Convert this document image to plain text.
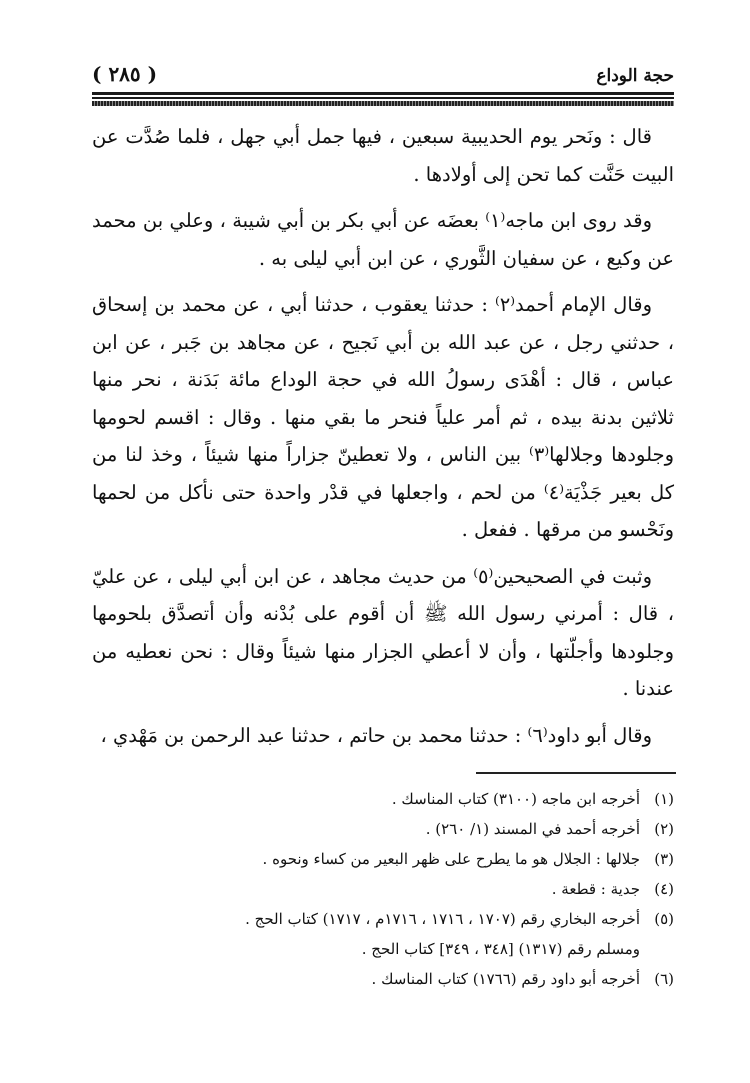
حجة الوداع
( ٢٨٥ )

قال : ونَحر يوم الحديبية سبعين ، فيها جمل أبي جهل ، فلما صُدَّت عن البيت حَنَّت كما تحن إلى أولادها .

وقد روى ابن ماجه⁽١⁾ بعضَه عن أبي بكر بن أبي شيبة ، وعلي بن محمد عن وكيع ، عن سفيان الثَّوري ، عن ابن أبي ليلى به .

وقال الإمام أحمد⁽٢⁾ : حدثنا يعقوب ، حدثنا أبي ، عن محمد بن إسحاق ، حدثني رجل ، عن عبد الله بن أبي نَجيح ، عن مجاهد بن جَبر ، عن ابن عباس ، قال : أهْدَى رسولُ الله في حجة الوداع مائة بَدَنة ، نحر منها ثلاثين بدنة بيده ، ثم أمر علياً فنحر ما بقي منها . وقال : اقسم لحومها وجلودها وجلالها⁽٣⁾ بين الناس ، ولا تعطينّ جزاراً منها شيئاً ، وخذ لنا من كل بعير جَذْيَة⁽٤⁾ من لحم ، واجعلها في قدْر واحدة حتى نأكل من لحمها ونَحْسو من مرقها . ففعل .

وثبت في الصحيحين⁽٥⁾ من حديث مجاهد ، عن ابن أبي ليلى ، عن عليّ ، قال : أمرني رسول الله ﷺ أن أقوم على بُدْنه وأن أتصدَّق بلحومها وجلودها وأجلّتها ، وأن لا أعطي الجزار منها شيئاً وقال : نحن نعطيه من عندنا .

وقال أبو داود⁽٦⁾ : حدثنا محمد بن حاتم ، حدثنا عبد الرحمن بن مَهْدي ،

(١)أخرجه ابن ماجه (٣١٠٠) كتاب المناسك .
(٢)أخرجه أحمد في المسند (١/ ٢٦٠) .
(٣)جلالها : الجلال هو ما يطرح على ظهر البعير من كساء ونحوه .
(٤)جدية : قطعة .
(٥)أخرجه البخاري رقم (١٧٠٧ ، ١٧١٦ ، ١٧١٦م ، ١٧١٧) كتاب الحج .
ومسلم رقم (١٣١٧) [٣٤٨ ، ٣٤٩] كتاب الحج .
(٦)أخرجه أبو داود رقم (١٧٦٦) كتاب المناسك .
